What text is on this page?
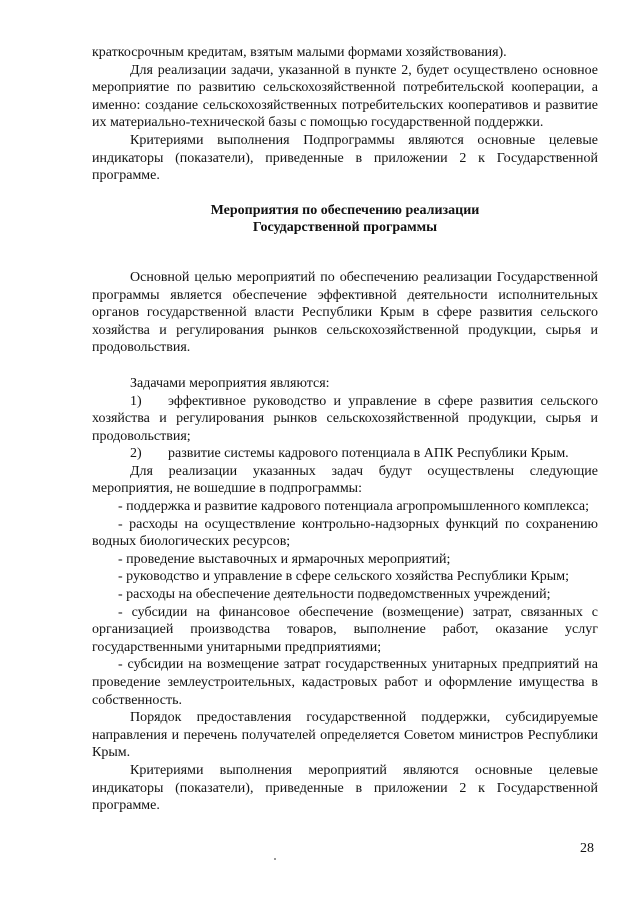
краткосрочным кредитам, взятым малыми формами хозяйствования).

Для реализации задачи, указанной в пункте 2, будет осуществлено основное мероприятие по развитию сельскохозяйственной потребительской кооперации, а именно: создание сельскохозяйственных потребительских кооперативов и развитие их материально-технической базы с помощью государственной поддержки.

Критериями выполнения Подпрограммы являются основные целевые индикаторы (показатели), приведенные в приложении 2 к Государственной программе.

Мероприятия по обеспечению реализации

Государственной программы

Основной целью мероприятий по обеспечению реализации Государственной программы является обеспечение эффективной деятельности исполнительных органов государственной власти Республики Крым в сфере развития сельского хозяйства и регулирования рынков сельскохозяйственной продукции, сырья и продовольствия.

Задачами мероприятия являются:

1) эффективное руководство и управление в сфере развития сельского хозяйства и регулирования рынков сельскохозяйственной продукции, сырья и продовольствия;

2) развитие системы кадрового потенциала в АПК Республики Крым.

Для реализации указанных задач будут осуществлены следующие мероприятия, не вошедшие в подпрограммы:

- поддержка и развитие кадрового потенциала агропромышленного комплекса;

- расходы на осуществление контрольно-надзорных функций по сохранению водных биологических ресурсов;

- проведение выставочных и ярмарочных мероприятий;

- руководство и управление в сфере сельского хозяйства Республики Крым;

- расходы на обеспечение деятельности подведомственных учреждений;

- субсидии на финансовое обеспечение (возмещение) затрат, связанных с организацией производства товаров, выполнение работ, оказание услуг государственными унитарными предприятиями;

- субсидии на возмещение затрат государственных унитарных предприятий на проведение землеустроительных, кадастровых работ и оформление имущества в собственность.

Порядок предоставления государственной поддержки, субсидируемые направления и перечень получателей определяется Советом министров Республики Крым.

Критериями выполнения мероприятий являются основные целевые индикаторы (показатели), приведенные в приложении 2 к Государственной программе.

28
